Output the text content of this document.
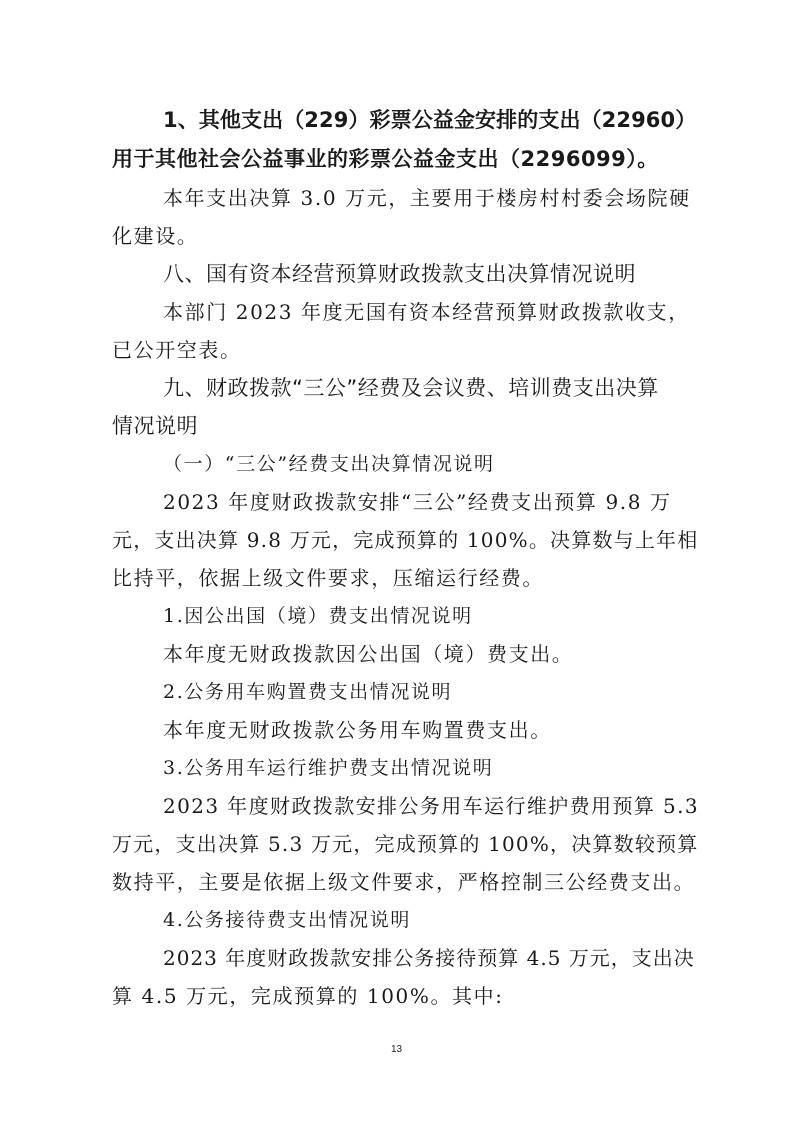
1、其他支出（229）彩票公益金安排的支出（22960）
用于其他社会公益事业的彩票公益金支出（2296099）。
本年支出决算 3.0 万元，主要用于楼房村村委会场院硬
化建设。
八、国有资本经营预算财政拨款支出决算情况说明
本部门 2023 年度无国有资本经营预算财政拨款收支，
已公开空表。
九、财政拨款“三公”经费及会议费、培训费支出决算
情况说明
（一）“三公”经费支出决算情况说明
2023 年度财政拨款安排“三公”经费支出预算 9.8 万
元，支出决算 9.8 万元，完成预算的 100%。决算数与上年相
比持平，依据上级文件要求，压缩运行经费。
1.因公出国（境）费支出情况说明
本年度无财政拨款因公出国（境）费支出。
2.公务用车购置费支出情况说明
本年度无财政拨款公务用车购置费支出。
3.公务用车运行维护费支出情况说明
2023 年度财政拨款安排公务用车运行维护费用预算 5.3
万元，支出决算 5.3 万元，完成预算的 100%，决算数较预算
数持平，主要是依据上级文件要求，严格控制三公经费支出。
4.公务接待费支出情况说明
2023 年度财政拨款安排公务接待预算 4.5 万元，支出决
算 4.5 万元，完成预算的 100%。其中:
13
